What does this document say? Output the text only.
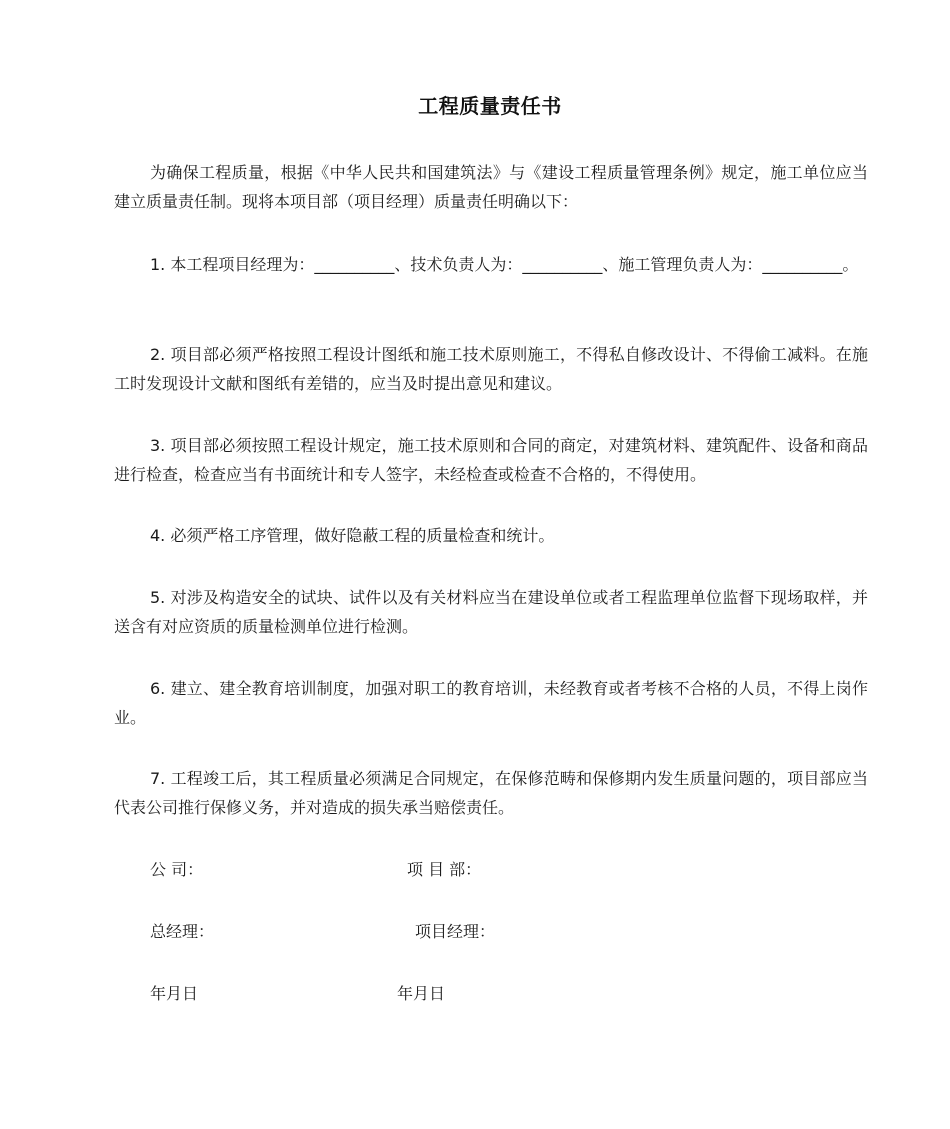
工程质量责任书

为确保工程质量，根据《中华人民共和国建筑法》与《建设工程质量管理条例》规定，施工单位应当建立质量责任制。现将本项目部（项目经理）质量责任明确以下：

1. 本工程项目经理为：__________、技术负责人为：__________、施工管理负责人为：__________。

2. 项目部必须严格按照工程设计图纸和施工技术原则施工，不得私自修改设计、不得偷工减料。在施工时发现设计文献和图纸有差错的，应当及时提出意见和建议。

3. 项目部必须按照工程设计规定，施工技术原则和合同的商定，对建筑材料、建筑配件、设备和商品进行检查，检查应当有书面统计和专人签字，未经检查或检查不合格的，不得使用。

4. 必须严格工序管理，做好隐蔽工程的质量检查和统计。

5. 对涉及构造安全的试块、试件以及有关材料应当在建设单位或者工程监理单位监督下现场取样，并送含有对应资质的质量检测单位进行检测。

6. 建立、建全教育培训制度，加强对职工的教育培训，未经教育或者考核不合格的人员，不得上岗作业。

7. 工程竣工后，其工程质量必须满足合同规定，在保修范畴和保修期内发生质量问题的，项目部应当代表公司推行保修义务，并对造成的损失承当赔偿责任。

公 司：	项 目 部：
总经理：	项目经理：
年月日	年月日
